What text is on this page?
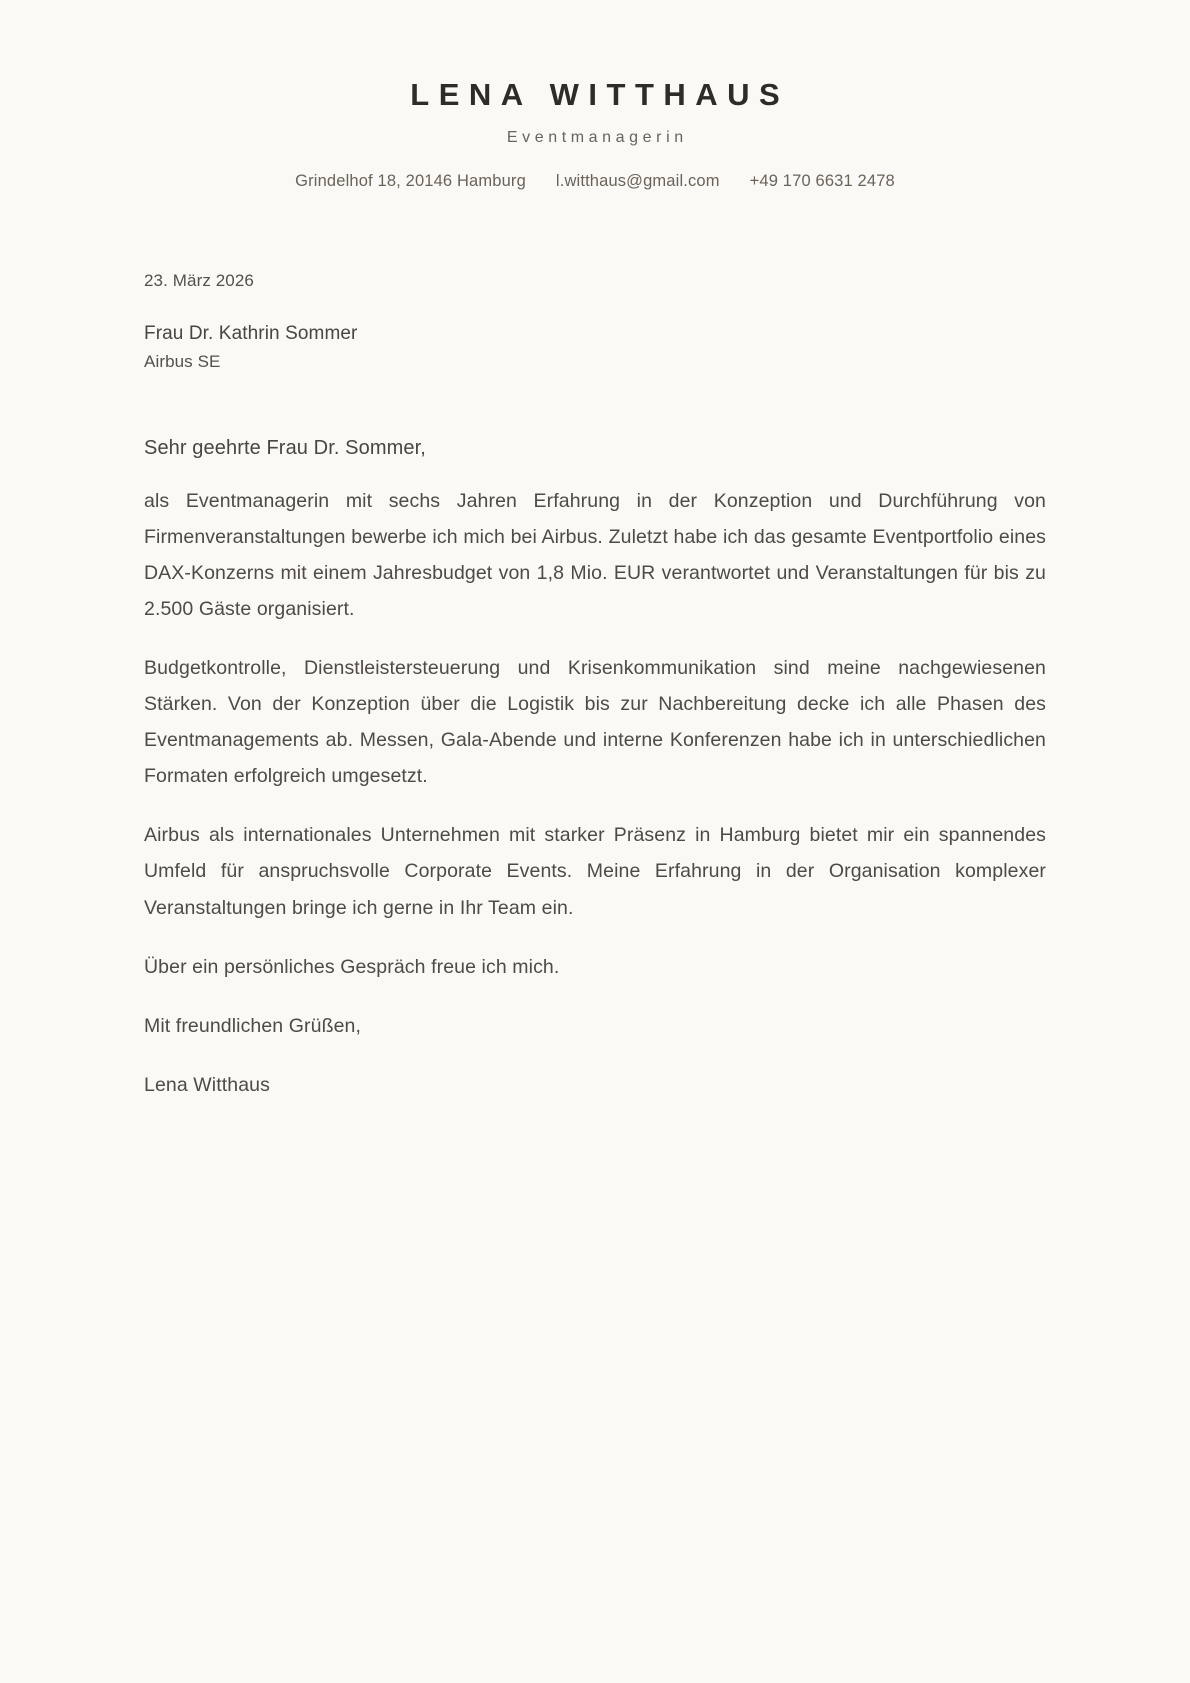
LENA WITTHAUS
Eventmanagerin
Grindelhof 18, 20146 Hamburg l.witthaus@gmail.com +49 170 6631 2478
23. März 2026
Frau Dr. Kathrin Sommer
Airbus SE
Sehr geehrte Frau Dr. Sommer,

als Eventmanagerin mit sechs Jahren Erfahrung in der Konzeption und Durchführung von Firmenveranstaltungen bewerbe ich mich bei Airbus. Zuletzt habe ich das gesamte Eventportfolio eines DAX-Konzerns mit einem Jahresbudget von 1,8 Mio. EUR verantwortet und Veranstaltungen für bis zu 2.500 Gäste organisiert.

Budgetkontrolle, Dienstleistersteuerung und Krisenkommunikation sind meine nachgewiesenen Stärken. Von der Konzeption über die Logistik bis zur Nachbereitung decke ich alle Phasen des Eventmanagements ab. Messen, Gala-Abende und interne Konferenzen habe ich in unterschiedlichen Formaten erfolgreich umgesetzt.

Airbus als internationales Unternehmen mit starker Präsenz in Hamburg bietet mir ein spannendes Umfeld für anspruchsvolle Corporate Events. Meine Erfahrung in der Organisation komplexer Veranstaltungen bringe ich gerne in Ihr Team ein.

Über ein persönliches Gespräch freue ich mich.

Mit freundlichen Grüßen,
Lena Witthaus
